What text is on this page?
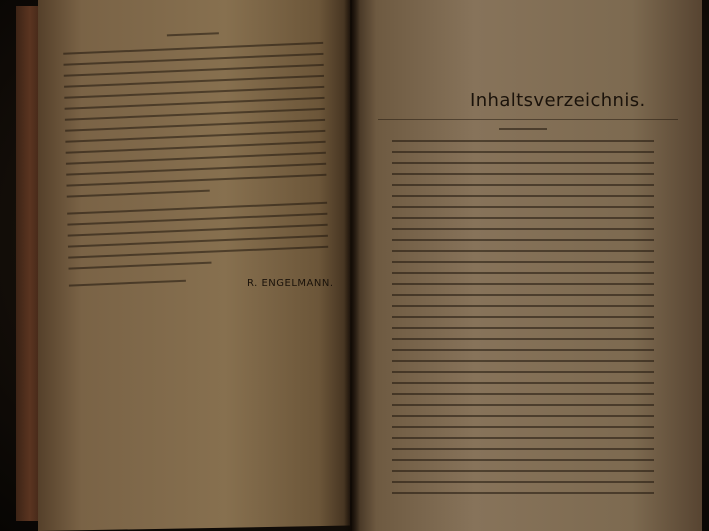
R. ENGELMANN.
Inhaltsverzeichnis.
